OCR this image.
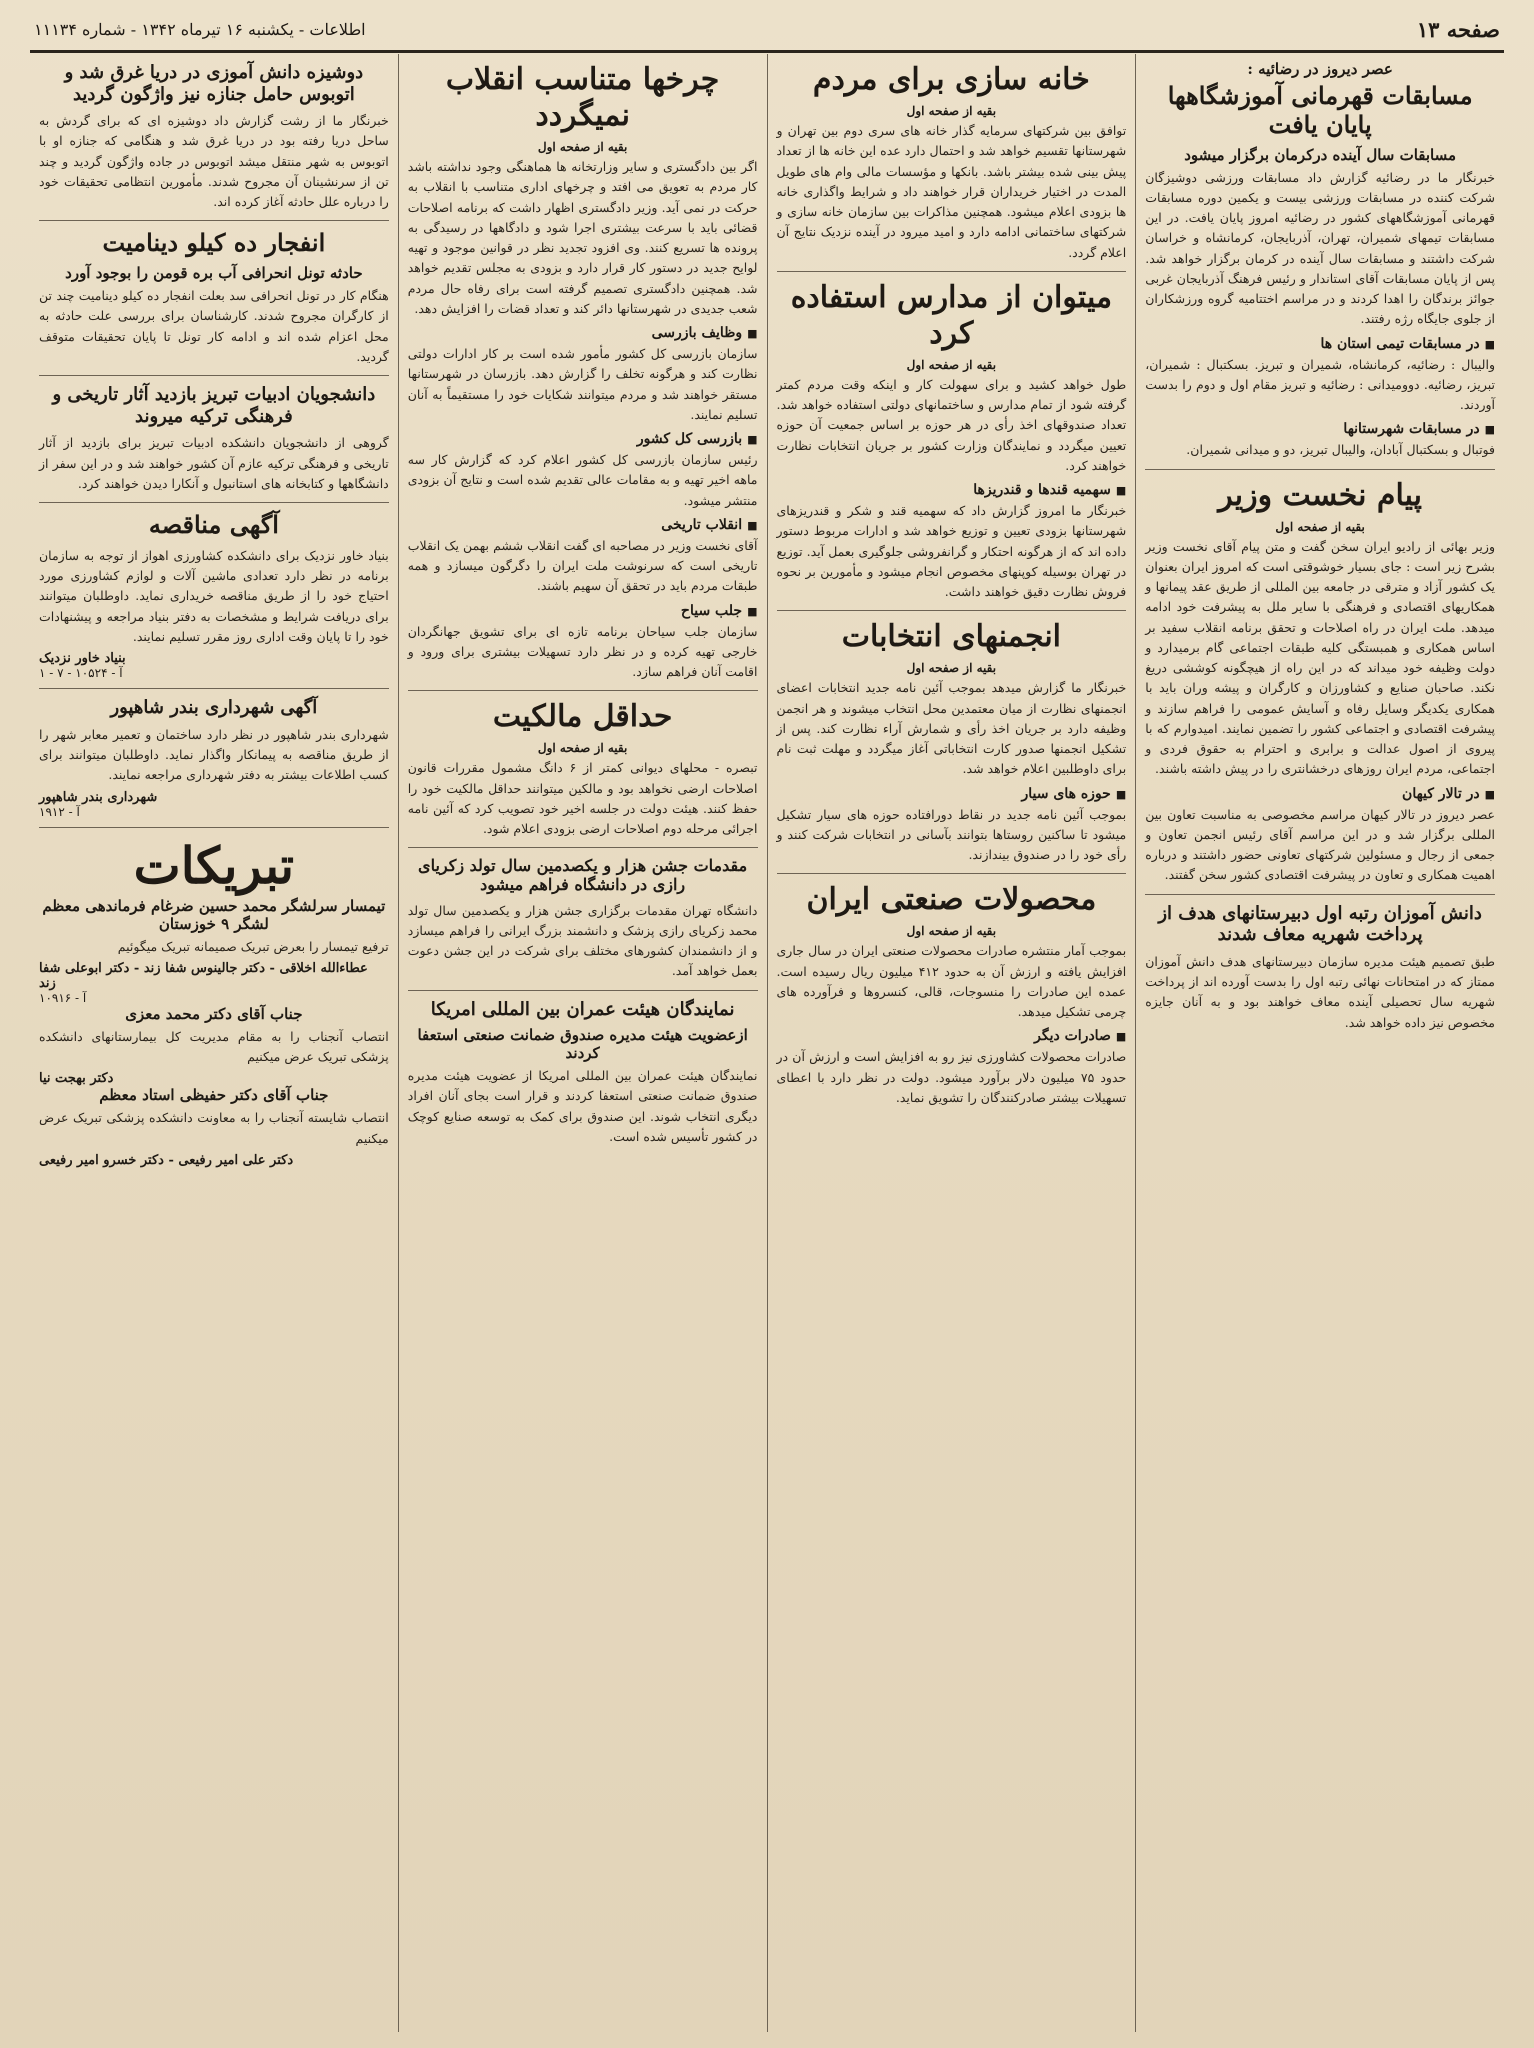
صفحه ۱۳
اطلاعات - یکشنبه ۱۶ تیرماه ۱۳۴۲ - شماره ۱۱۱۳۴
عصر دیروز در رضائیه :
مسابقات قهرمانی آموزشگاهها پایان یافت
مسابقات سال آینده درکرمان برگزار میشود
خبرنگار ما در رضائیه گزارش داد مسابقات ورزشی دوشیزگان شرکت کننده در مسابقات ورزشی بیست و یکمین دوره مسابقات قهرمانی آموزشگاههای کشور در رضائیه امروز پایان یافت. در این مسابقات تیمهای شمیران، تهران، آذربایجان، کرمانشاه و خراسان شرکت داشتند و مسابقات سال آینده در کرمان برگزار خواهد شد. پس از پایان مسابقات آقای استاندار و رئیس فرهنگ آذربایجان غربی جوائز برندگان را اهدا کردند و در مراسم اختتامیه گروه ورزشکاران از جلوی جایگاه رژه رفتند.
■ در مسابقات تیمی استان ها
والیبال : رضائیه، کرمانشاه، شمیران و تبریز. بسکتبال : شمیران، تبریز، رضائیه. دوومیدانی : رضائیه و تبریز مقام اول و دوم را بدست آوردند.
■ در مسابقات شهرستانها
فوتبال و بسکتبال آبادان، والیبال تبریز، دو و میدانی شمیران.
پیام نخست وزیر
بقیه از صفحه اول
وزیر بهائی از رادیو ایران سخن گفت و متن پیام آقای نخست وزیر بشرح زیر است : جای بسیار خوشوقتی است که امروز ایران بعنوان یک کشور آزاد و مترقی در جامعه بین المللی از طریق عقد پیمانها و همکاریهای اقتصادی و فرهنگی با سایر ملل به پیشرفت خود ادامه میدهد. ملت ایران در راه اصلاحات و تحقق برنامه انقلاب سفید بر اساس همکاری و همبستگی کلیه طبقات اجتماعی گام برمیدارد و دولت وظیفه خود میداند که در این راه از هیچگونه کوششی دریغ نکند. صاحبان صنایع و کشاورزان و کارگران و پیشه وران باید با همکاری یکدیگر وسایل رفاه و آسایش عمومی را فراهم سازند و پیشرفت اقتصادی و اجتماعی کشور را تضمین نمایند. امیدوارم که با پیروی از اصول عدالت و برابری و احترام به حقوق فردی و اجتماعی، مردم ایران روزهای درخشانتری را در پیش داشته باشند.
■ در تالار کیهان
عصر دیروز در تالار کیهان مراسم مخصوصی به مناسبت تعاون بین المللی برگزار شد و در این مراسم آقای رئیس انجمن تعاون و جمعی از رجال و مسئولین شرکتهای تعاونی حضور داشتند و درباره اهمیت همکاری و تعاون در پیشرفت اقتصادی کشور سخن گفتند.
دانش آموزان رتبه اول دبیرستانهای هدف از پرداخت شهریه معاف شدند
طبق تصمیم هیئت مدیره سازمان دبیرستانهای هدف دانش آموزان ممتاز که در امتحانات نهائی رتبه اول را بدست آورده اند از پرداخت شهریه سال تحصیلی آینده معاف خواهند بود و به آنان جایزه مخصوص نیز داده خواهد شد.
خانه سازی برای مردم
بقیه از صفحه اول
توافق بین شرکتهای سرمایه گذار خانه های سری دوم بین تهران و شهرستانها تقسیم خواهد شد و احتمال دارد عده این خانه ها از تعداد پیش بینی شده بیشتر باشد. بانکها و مؤسسات مالی وام های طویل المدت در اختیار خریداران قرار خواهند داد و شرایط واگذاری خانه ها بزودی اعلام میشود. همچنین مذاکرات بین سازمان خانه سازی و شرکتهای ساختمانی ادامه دارد و امید میرود در آینده نزدیک نتایج آن اعلام گردد.
میتوان از مدارس استفاده کرد
بقیه از صفحه اول
طول خواهد کشید و برای سهولت کار و اینکه وقت مردم کمتر گرفته شود از تمام مدارس و ساختمانهای دولتی استفاده خواهد شد. تعداد صندوقهای اخذ رأی در هر حوزه بر اساس جمعیت آن حوزه تعیین میگردد و نمایندگان وزارت کشور بر جریان انتخابات نظارت خواهند کرد.
■ سهمیه قندها و قندریزها
خبرنگار ما امروز گزارش داد که سهمیه قند و شکر و قندریزهای شهرستانها بزودی تعیین و توزیع خواهد شد و ادارات مربوط دستور داده اند که از هرگونه احتکار و گرانفروشی جلوگیری بعمل آید. توزیع در تهران بوسیله کوپنهای مخصوص انجام میشود و مأمورین بر نحوه فروش نظارت دقیق خواهند داشت.
انجمنهای انتخابات
بقیه از صفحه اول
خبرنگار ما گزارش میدهد بموجب آئین نامه جدید انتخابات اعضای انجمنهای نظارت از میان معتمدین محل انتخاب میشوند و هر انجمن وظیفه دارد بر جریان اخذ رأی و شمارش آراء نظارت کند. پس از تشکیل انجمنها صدور کارت انتخاباتی آغاز میگردد و مهلت ثبت نام برای داوطلبین اعلام خواهد شد.
■ حوزه های سیار
بموجب آئین نامه جدید در نقاط دورافتاده حوزه های سیار تشکیل میشود تا ساکنین روستاها بتوانند بآسانی در انتخابات شرکت کنند و رأی خود را در صندوق بیندازند.
محصولات صنعتی ایران
بقیه از صفحه اول
بموجب آمار منتشره صادرات محصولات صنعتی ایران در سال جاری افزایش یافته و ارزش آن به حدود ۴۱۲ میلیون ریال رسیده است. عمده این صادرات را منسوجات، قالی، کنسروها و فرآورده های چرمی تشکیل میدهد.
■ صادرات دیگر
صادرات محصولات کشاورزی نیز رو به افزایش است و ارزش آن در حدود ۷۵ میلیون دلار برآورد میشود. دولت در نظر دارد با اعطای تسهیلات بیشتر صادرکنندگان را تشویق نماید.
چرخها متناسب انقلاب نمیگردد
بقیه از صفحه اول
اگر بین دادگستری و سایر وزارتخانه ها هماهنگی وجود نداشته باشد کار مردم به تعویق می افتد و چرخهای اداری متناسب با انقلاب به حرکت در نمی آید. وزیر دادگستری اظهار داشت که برنامه اصلاحات قضائی باید با سرعت بیشتری اجرا شود و دادگاهها در رسیدگی به پرونده ها تسریع کنند. وی افزود تجدید نظر در قوانین موجود و تهیه لوایح جدید در دستور کار قرار دارد و بزودی به مجلس تقدیم خواهد شد. همچنین دادگستری تصمیم گرفته است برای رفاه حال مردم شعب جدیدی در شهرستانها دائر کند و تعداد قضات را افزایش دهد.
■ وظایف بازرسی
سازمان بازرسی کل کشور مأمور شده است بر کار ادارات دولتی نظارت کند و هرگونه تخلف را گزارش دهد. بازرسان در شهرستانها مستقر خواهند شد و مردم میتوانند شکایات خود را مستقیماً به آنان تسلیم نمایند.
■ بازرسی کل کشور
رئیس سازمان بازرسی کل کشور اعلام کرد که گزارش کار سه ماهه اخیر تهیه و به مقامات عالی تقدیم شده است و نتایج آن بزودی منتشر میشود.
■ انقلاب تاریخی
آقای نخست وزیر در مصاحبه ای گفت انقلاب ششم بهمن یک انقلاب تاریخی است که سرنوشت ملت ایران را دگرگون میسازد و همه طبقات مردم باید در تحقق آن سهیم باشند.
■ جلب سیاح
سازمان جلب سیاحان برنامه تازه ای برای تشویق جهانگردان خارجی تهیه کرده و در نظر دارد تسهیلات بیشتری برای ورود و اقامت آنان فراهم سازد.
حداقل مالکیت
بقیه از صفحه اول
تبصره - محلهای دیوانی کمتر از ۶ دانگ مشمول مقررات قانون اصلاحات ارضی نخواهد بود و مالکین میتوانند حداقل مالکیت خود را حفظ کنند. هیئت دولت در جلسه اخیر خود تصویب کرد که آئین نامه اجرائی مرحله دوم اصلاحات ارضی بزودی اعلام شود.
مقدمات جشن هزار و یکصدمین سال تولد زکریای رازی در دانشگاه فراهم میشود
دانشگاه تهران مقدمات برگزاری جشن هزار و یکصدمین سال تولد محمد زکریای رازی پزشک و دانشمند بزرگ ایرانی را فراهم میسازد و از دانشمندان کشورهای مختلف برای شرکت در این جشن دعوت بعمل خواهد آمد.
نمایندگان هیئت عمران بین المللی امریکا
ازعضویت هیئت مدیره صندوق ضمانت صنعتی استعفا کردند
نمایندگان هیئت عمران بین المللی امریکا از عضویت هیئت مدیره صندوق ضمانت صنعتی استعفا کردند و قرار است بجای آنان افراد دیگری انتخاب شوند. این صندوق برای کمک به توسعه صنایع کوچک در کشور تأسیس شده است.
دوشیزه دانش آموزی در دریا غرق شد و اتوبوس حامل جنازه نیز واژگون گردید
خبرنگار ما از رشت گزارش داد دوشیزه ای که برای گردش به ساحل دریا رفته بود در دریا غرق شد و هنگامی که جنازه او با اتوبوس به شهر منتقل میشد اتوبوس در جاده واژگون گردید و چند تن از سرنشینان آن مجروح شدند. مأمورین انتظامی تحقیقات خود را درباره علل حادثه آغاز کرده اند.
انفجار ده کیلو دینامیت
حادثه تونل انحرافی آب بره قومن را بوجود آورد
هنگام کار در تونل انحرافی سد بعلت انفجار ده کیلو دینامیت چند تن از کارگران مجروح شدند. کارشناسان برای بررسی علت حادثه به محل اعزام شده اند و ادامه کار تونل تا پایان تحقیقات متوقف گردید.
دانشجویان ادبیات تبریز بازدید آثار تاریخی و فرهنگی ترکیه میروند
گروهی از دانشجویان دانشکده ادبیات تبریز برای بازدید از آثار تاریخی و فرهنگی ترکیه عازم آن کشور خواهند شد و در این سفر از دانشگاهها و کتابخانه های استانبول و آنکارا دیدن خواهند کرد.
آگهی مناقصه
بنیاد خاور نزدیک برای دانشکده کشاورزی اهواز از توجه به سازمان برنامه در نظر دارد تعدادی ماشین آلات و لوازم کشاورزی مورد احتیاج خود را از طریق مناقصه خریداری نماید. داوطلبان میتوانند برای دریافت شرایط و مشخصات به دفتر بنیاد مراجعه و پیشنهادات خود را تا پایان وقت اداری روز مقرر تسلیم نمایند.
بنیاد خاور نزدیک
آ - ۱۰۵۲۴ - ۷ - ۱
آگهی شهرداری بندر شاهپور
شهرداری بندر شاهپور در نظر دارد ساختمان و تعمیر معابر شهر را از طریق مناقصه به پیمانکار واگذار نماید. داوطلبان میتوانند برای کسب اطلاعات بیشتر به دفتر شهرداری مراجعه نمایند.
شهرداری بندر شاهپور
آ - ۱۹۱۲
تبریکات
تیمسار سرلشگر محمد حسین ضرغام فرماندهی معظم لشگر ۹ خوزستان
ترفیع تیمسار را بعرض تبریک صمیمانه تبریک میگوئیم
عطاءالله اخلاقی - دکتر جالینوس شفا زند - دکتر ابوعلی شفا زند
آ - ۱۰۹۱۶
جناب آقای دکتر محمد معزی
انتصاب آنجناب را به مقام مدیریت کل بیمارستانهای دانشکده پزشکی تبریک عرض میکنیم
دکتر بهجت نیا
جناب آقای دکتر حفیظی استاد معظم
انتصاب شایسته آنجناب را به معاونت دانشکده پزشکی تبریک عرض میکنیم
دکتر علی امیر رفیعی - دکتر خسرو امیر رفیعی
